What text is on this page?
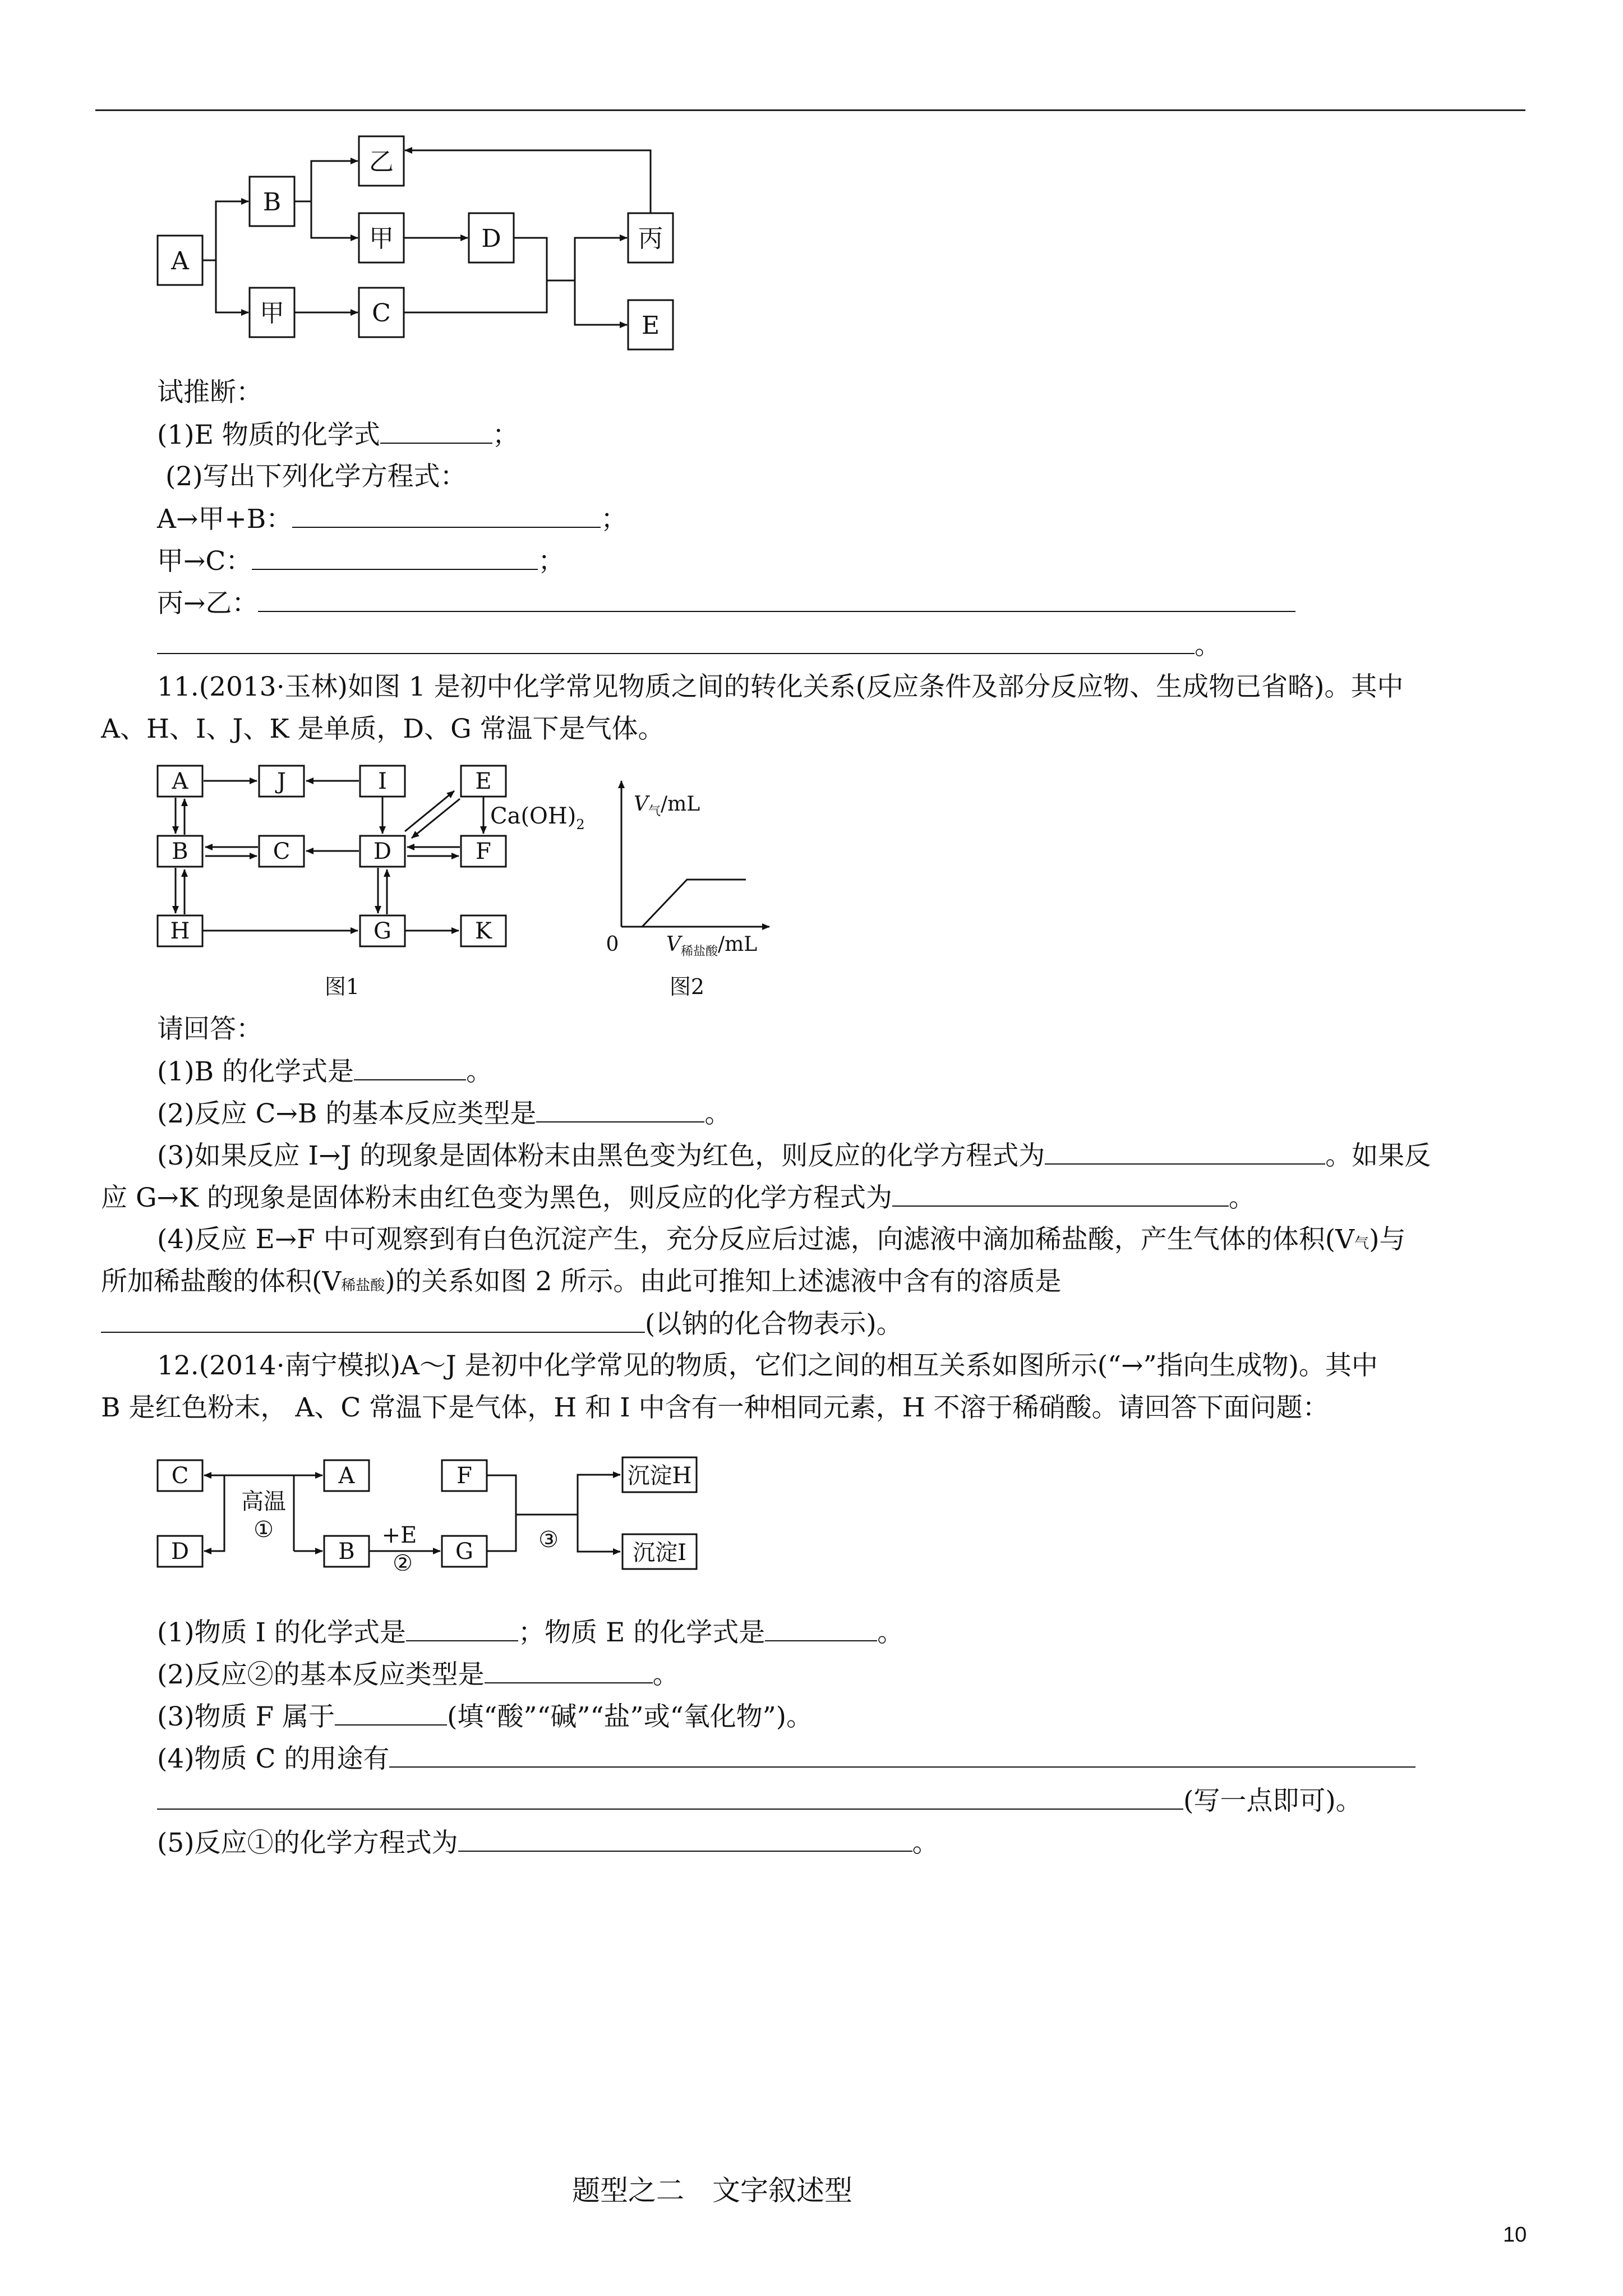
A
B
乙
甲	D	丙
甲	C	E
试推断：
(1)E 物质的化学式	；
(2)写出下列化学方程式：
A→甲+B：	；
甲→C：	；
丙→乙：
。
11.(2013·玉林)如图 1 是初中化学常见物质之间的转化关系(反应条件及部分反应物、生成物已省略)。其中
A、H、I、J、K 是单质，D、G 常温下是气体。
A	J	I	E
B	C	D	F
H	G	K
$Ca(OH)_2$
图1
$V_气/mL$
0 $V_{稀盐酸}/mL$
图2
请回答：
(1)B 的化学式是	。
(2)反应 C→B 的基本反应类型是	。
(3)如果反应 I→J 的现象是固体粉末由黑色变为红色，则反应的化学方程式为	。如果反
应 G→K 的现象是固体粉末由红色变为黑色，则反应的化学方程式为	。
(4)反应 E→F 中可观察到有白色沉淀产生，充分反应后过滤，向滤液中滴加稀盐酸，产生气体的体积(V气)与
所加稀盐酸的体积(V稀盐酸)的关系如图 2 所示。由此可推知上述滤液中含有的溶质是
(以钠的化合物表示)。
12.(2014·南宁模拟)A～J 是初中化学常见的物质，它们之间的相互关系如图所示(“→”指向生成物)。其中
B 是红色粉末， A、C 常温下是气体，H 和 I 中含有一种相同元素，H 不溶于稀硝酸。请回答下面问题：
C
D
A
B
F
G
沉淀H
沉淀I
高温
①	+E
②
③
(1)物质 I 的化学式是	；物质 E 的化学式是	。
(2)反应②的基本反应类型是	。
(3)物质 F 属于	(填“酸”“碱”“盐”或“氧化物”)。
(4)物质 C 的用途有
(写一点即可)。
(5)反应①的化学方程式为	。
题型之二　文字叙述型
10
